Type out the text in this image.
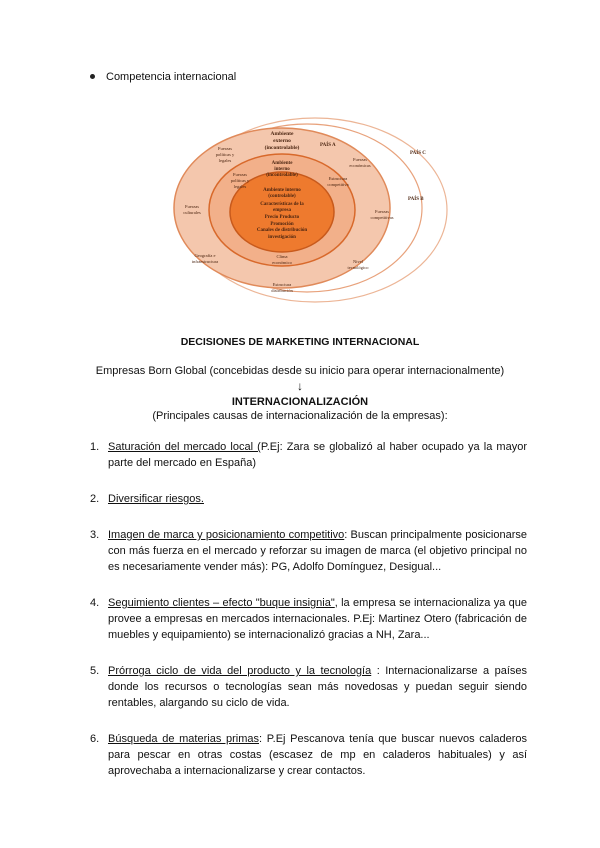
Competencia internacional
PAÍS A
PAÍS B
PAÍS C
Ambiente
externo
(incontrolable)
Ambiente
interno
(incontrolable)
Ambiente interno
(controlable)
Características de la
empresa
Precio Producto
Promoción
Canales de distribución
investigación
Fuerzas
políticas y
legales
Fuerzas
culturales
Geografía e
infraestructura
Estructura
distribución
Nivel
tecnológico
Fuerzas
competitivas
Fuerzas
económicas
Fuerzas
políticas y
legales
Estructura
competitiva
Clima
económico
DECISIONES DE MARKETING INTERNACIONAL
Empresas Born Global (concebidas desde su inicio para operar internacionalmente)
↓
INTERNACIONALIZACIÓN
(Principales causas de internacionalización de la empresas):
1. Saturación del mercado local (P.Ej: Zara se globalizó al haber ocupado ya la mayor parte del mercado en España)
2. Diversificar riesgos.
3. Imagen de marca y posicionamiento competitivo: Buscan principalmente posicionarse con más fuerza en el mercado y reforzar su imagen de marca (el objetivo principal no es necesariamente vender más): PG, Adolfo Domínguez, Desigual...
4. Seguimiento clientes – efecto "buque insignia", la empresa se internacionaliza ya que provee a empresas en mercados internacionales. P.Ej: Martinez Otero (fabricación de muebles y equipamiento) se internacionalizó gracias a NH, Zara...
5. Prórroga ciclo de vida del producto y la tecnología : Internacionalizarse a países donde los recursos o tecnologías sean más novedosas y puedan seguir siendo rentables, alargando su ciclo de vida.
6. Búsqueda de materias primas: P.Ej Pescanova tenía que buscar nuevos caladeros para pescar en otras costas (escasez de mp en caladeros habituales) y así aprovechaba a internacionalizarse y crear contactos.
